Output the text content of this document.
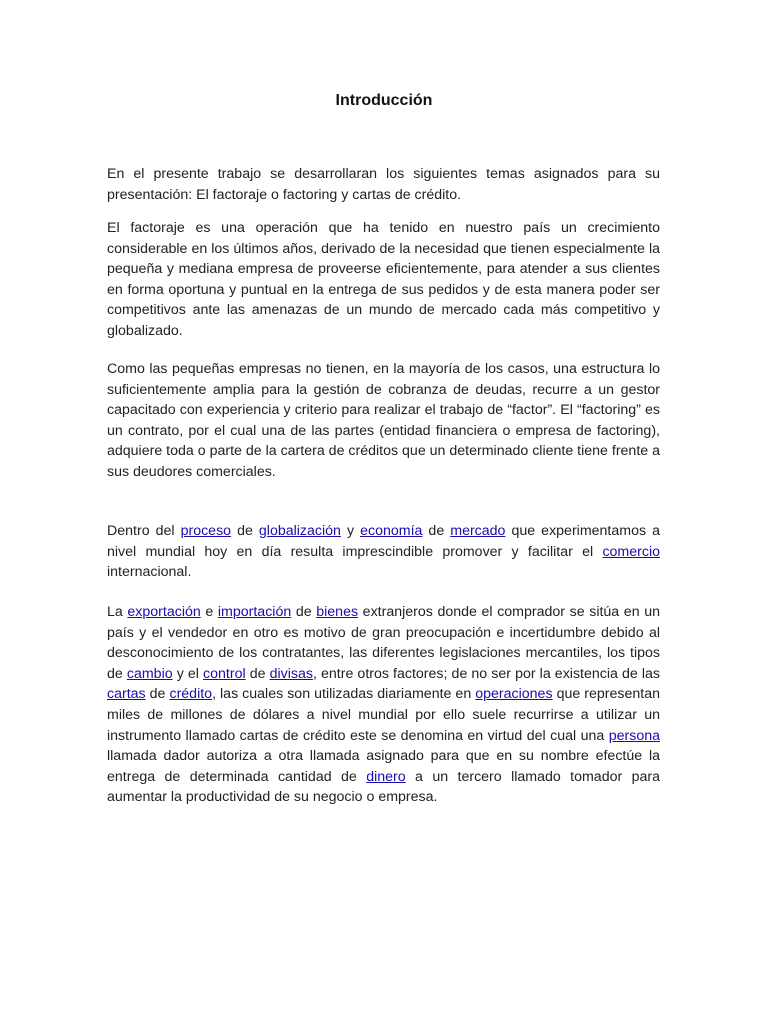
Introducción

En el presente trabajo se desarrollaran los siguientes temas asignados para su presentación: El factoraje o factoring y cartas de crédito.

El factoraje es una operación que ha tenido en nuestro país un crecimiento considerable en los últimos años, derivado de la necesidad que tienen especialmente la pequeña y mediana empresa de proveerse eficientemente, para atender a sus clientes en forma oportuna y puntual en la entrega de sus pedidos y de esta manera poder ser competitivos ante las amenazas de un mundo de mercado cada más competitivo y globalizado.

Como las pequeñas empresas no tienen, en la mayoría de los casos, una estructura lo suficientemente amplia para la gestión de cobranza de deudas, recurre a un gestor capacitado con experiencia y criterio para realizar el trabajo de “factor”. El “factoring” es un contrato, por el cual una de las partes (entidad financiera o empresa de factoring), adquiere toda o parte de la cartera de créditos que un determinado cliente tiene frente a sus deudores comerciales.

Dentro del proceso de globalización y economía de mercado que experimentamos a nivel mundial hoy en día resulta imprescindible promover y facilitar el comercio internacional.

La exportación e importación de bienes extranjeros donde el comprador se sitúa en un país y el vendedor en otro es motivo de gran preocupación e incertidumbre debido al desconocimiento de los contratantes, las diferentes legislaciones mercantiles, los tipos de cambio y el control de divisas, entre otros factores; de no ser por la existencia de las cartas de crédito, las cuales son utilizadas diariamente en operaciones que representan miles de millones de dólares a nivel mundial por ello suele recurrirse a utilizar un instrumento llamado cartas de crédito este se denomina en virtud del cual una persona llamada dador autoriza a otra llamada asignado para que en su nombre efectúe la entrega de determinada cantidad de dinero a un tercero llamado tomador para aumentar la productividad de su negocio o empresa.
